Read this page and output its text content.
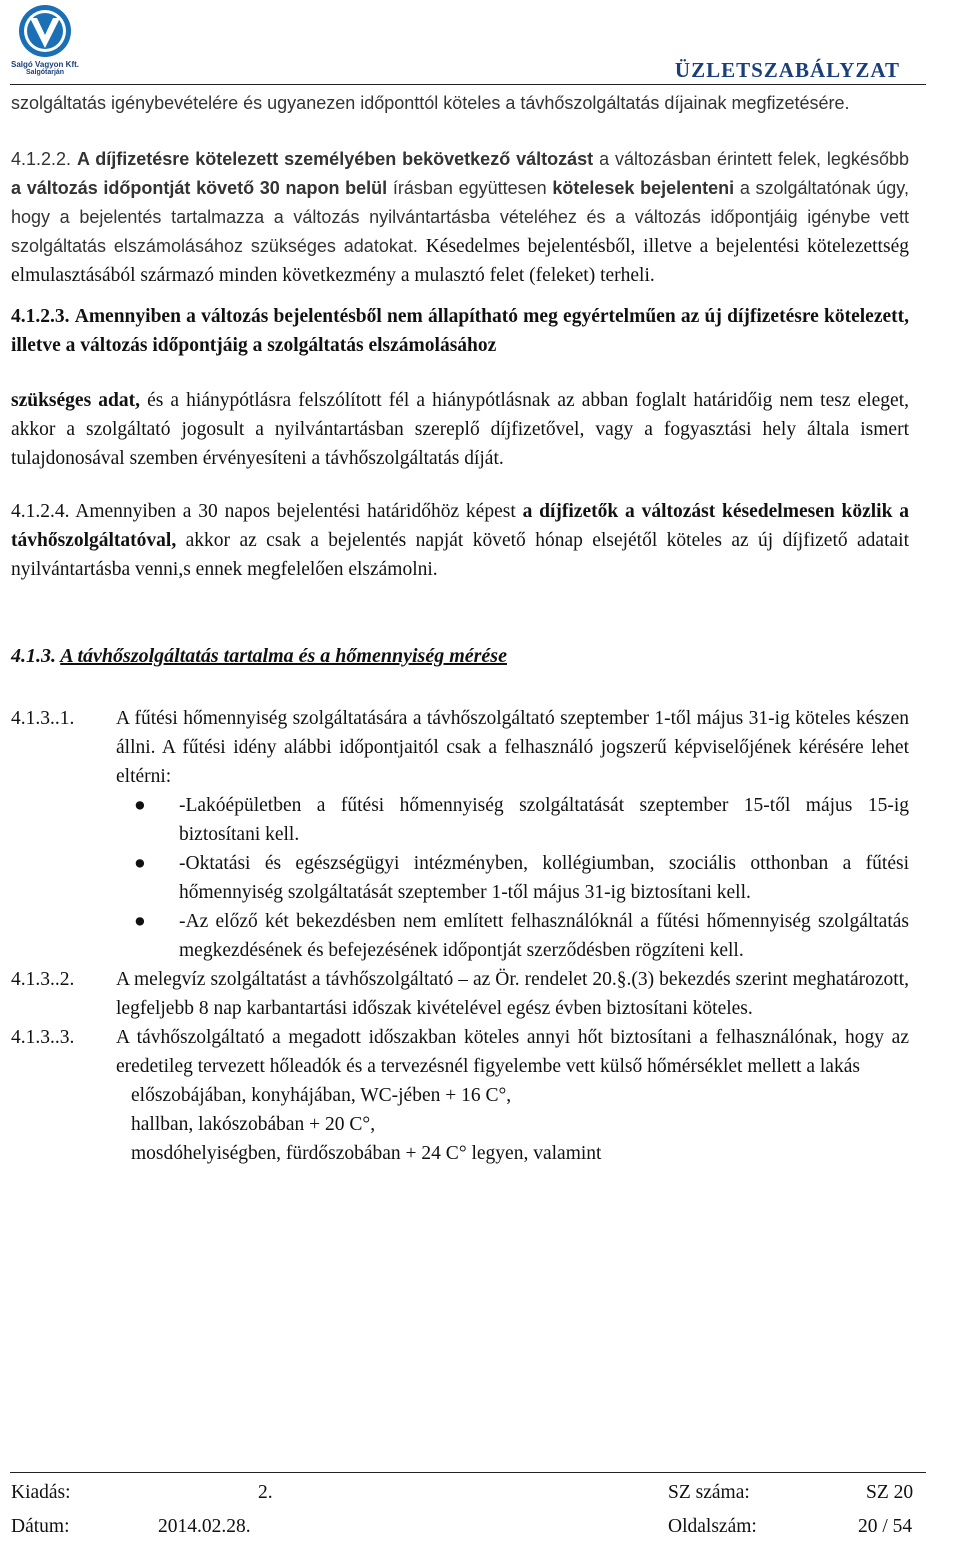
Salgó Vagyon Kft.
Salgótarján	ÜZLETSZABÁLYZAT

szolgáltatás igénybevételére és ugyanezen időponttól köteles a távhőszolgáltatás díjainak megfizetésére.

4.1.2.2. A díjfizetésre kötelezett személyében bekövetkező változást a változásban érintett felek, legkésőbb a változás időpontját követő 30 napon belül írásban együttesen kötelesek bejelenteni a szolgáltatónak úgy, hogy a bejelentés tartalmazza a változás nyilvántartásba vételéhez és a változás időpontjáig igénybe vett szolgáltatás elszámolásához szükséges adatokat. Késedelmes bejelentésből, illetve a bejelentési kötelezettség elmulasztásából származó minden következmény a mulasztó felet (feleket) terheli.

4.1.2.3. Amennyiben a változás bejelentésből nem állapítható meg egyértelműen az új díjfizetésre kötelezett, illetve a változás időpontjáig a szolgáltatás elszámolásához

szükséges adat, és a hiánypótlásra felszólított fél a hiánypótlásnak az abban foglalt határidőig nem tesz eleget, akkor a szolgáltató jogosult a nyilvántartásban szereplő díjfizetővel, vagy a fogyasztási hely általa ismert tulajdonosával szemben érvényesíteni a távhőszolgáltatás díját.

4.1.2.4. Amennyiben a 30 napos bejelentési határidőhöz képest a díjfizetők a változást késedelmesen közlik a távhőszolgáltatóval, akkor az csak a bejelentés napját követő hónap elsejétől köteles az új díjfizető adatait nyilvántartásba venni,s ennek megfelelően elszámolni.

4.1.3. A távhőszolgáltatás tartalma és a hőmennyiség mérése
4.1.3..1.	A fűtési hőmennyiség szolgáltatására a távhőszolgáltató szeptember 1-től május 31-ig köteles készen állni. A fűtési idény alábbi időpontjaitól csak a felhasználó jogszerű képviselőjének kérésére lehet eltérni:

●	-Lakóépületben a fűtési hőmennyiség szolgáltatását szeptember 15-től május 15-ig biztosítani kell.

●	-Oktatási és egészségügyi intézményben, kollégiumban, szociális otthonban a fűtési hőmennyiség szolgáltatását szeptember 1-től május 31-ig biztosítani kell.

●	-Az előző két bekezdésben nem említett felhasználóknál a fűtési hőmennyiség szolgáltatás megkezdésének és befejezésének időpontját szerződésben rögzíteni kell.

4.1.3..2.	A melegvíz szolgáltatást a távhőszolgáltató – az Ör. rendelet 20.§.(3) bekezdés szerint meghatározott, legfeljebb 8 nap karbantartási időszak kivételével egész évben biztosítani köteles.

4.1.3..3.	A távhőszolgáltató a megadott időszakban köteles annyi hőt biztosítani a felhasználónak, hogy az eredetileg tervezett hőleadók és a tervezésnél figyelembe vett külső hőmérséklet mellett a lakás

előszobájában, konyhájában, WC-jében + 16 C°,
hallban, lakószobában + 20 C°,
mosdóhelyiségben, fürdőszobában + 24 C° legyen, valamint
Kiadás:	2.	SZ száma:	SZ 20
Dátum:	2014.02.28.	Oldalszám:	20 / 54
